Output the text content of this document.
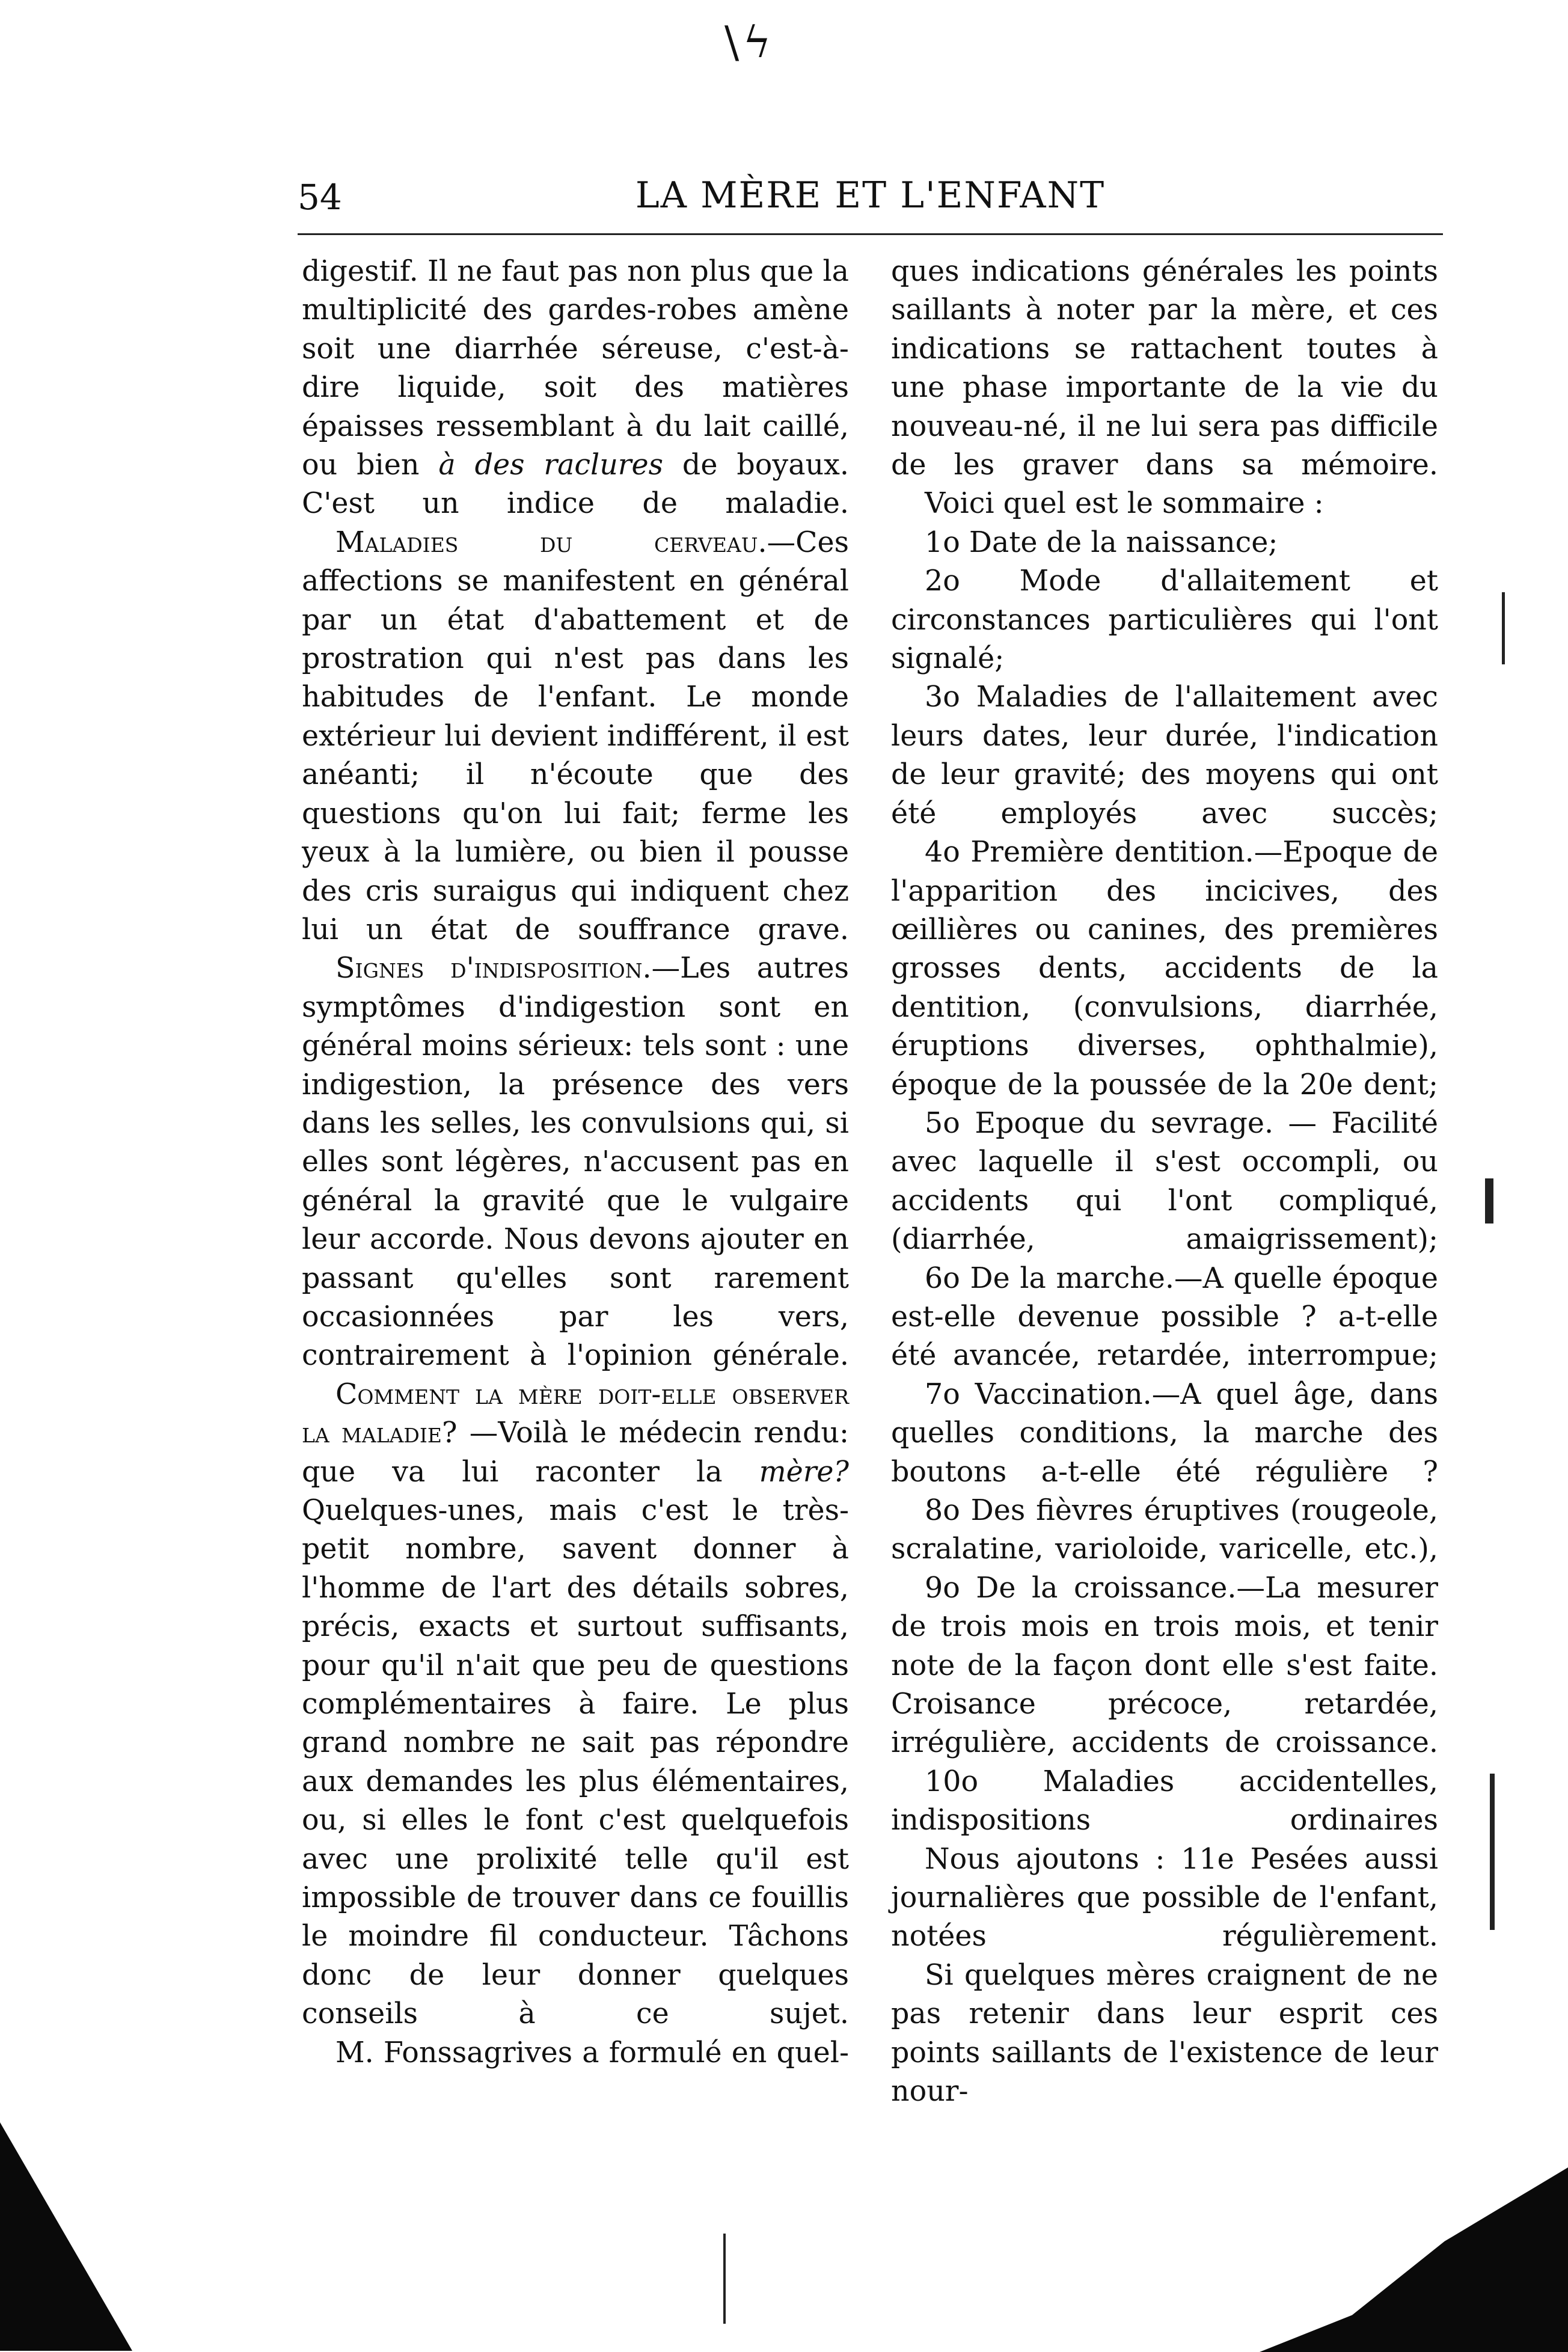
\ϟ
54	LA MÈRE ET L'ENFANT

digestif. Il ne faut pas non plus que la multiplicité des gardes-robes amène soit une diarrhée séreuse, c'est-à-dire liquide, soit des matières épaisses ressemblant à du lait caillé, ou bien à des raclures de boyaux. C'est un indice de maladie.

Maladies du cerveau.—Ces affections se manifestent en général par un état d'abattement et de prostration qui n'est pas dans les habitudes de l'enfant. Le monde extérieur lui devient indifférent, il est anéanti; il n'écoute que des questions qu'on lui fait; ferme les yeux à la lumière, ou bien il pousse des cris suraigus qui indiquent chez lui un état de souffrance grave.

Signes d'indisposition.—Les autres symptômes d'indigestion sont en général moins sérieux: tels sont : une indigestion, la présence des vers dans les selles, les convulsions qui, si elles sont légères, n'accusent pas en général la gravité que le vulgaire leur accorde. Nous devons ajouter en passant qu'elles sont rarement occasionnées par les vers, contrairement à l'opinion générale.

Comment la mère doit-elle observer la maladie? —Voilà le médecin rendu: que va lui raconter la mère? Quelques-unes, mais c'est le très-petit nombre, savent donner à l'homme de l'art des détails sobres, précis, exacts et surtout suffisants, pour qu'il n'ait que peu de questions complémentaires à faire. Le plus grand nombre ne sait pas répondre aux demandes les plus élémentaires, ou, si elles le font c'est quelquefois avec une prolixité telle qu'il est impossible de trouver dans ce fouillis le moindre fil conducteur. Tâchons donc de leur donner quelques conseils à ce sujet.

M. Fonssagrives a formulé en quel-

ques indications générales les points saillants à noter par la mère, et ces indications se rattachent toutes à une phase importante de la vie du nouveau-né, il ne lui sera pas difficile de les graver dans sa mémoire.

Voici quel est le sommaire :

1o Date de la naissance;

2o Mode d'allaitement et circonstances particulières qui l'ont signalé;

3o Maladies de l'allaitement avec leurs dates, leur durée, l'indication de leur gravité; des moyens qui ont été employés avec succès;

4o Première dentition.—Epoque de l'apparition des incicives, des œillières ou canines, des premières grosses dents, accidents de la dentition, (convulsions, diarrhée, éruptions diverses, ophthalmie), époque de la poussée de la 20e dent;

5o Epoque du sevrage. — Facilité avec laquelle il s'est occompli, ou accidents qui l'ont compliqué, (diarrhée, amaigrissement);

6o De la marche.—A quelle époque est-elle devenue possible ? a-t-elle été avancée, retardée, interrompue;

7o Vaccination.—A quel âge, dans quelles conditions, la marche des boutons a-t-elle été régulière ?

8o Des fièvres éruptives (rougeole, scralatine, varioloide, varicelle, etc.),

9o De la croissance.—La mesurer de trois mois en trois mois, et tenir note de la façon dont elle s'est faite. Croisance précoce, retardée, irrégulière, accidents de croissance.

10o Maladies accidentelles, indispositions ordinaires

Nous ajoutons : 11e Pesées aussi journalières que possible de l'enfant, notées régulièrement.

Si quelques mères craignent de ne pas retenir dans leur esprit ces points saillants de l'existence de leur nour-
